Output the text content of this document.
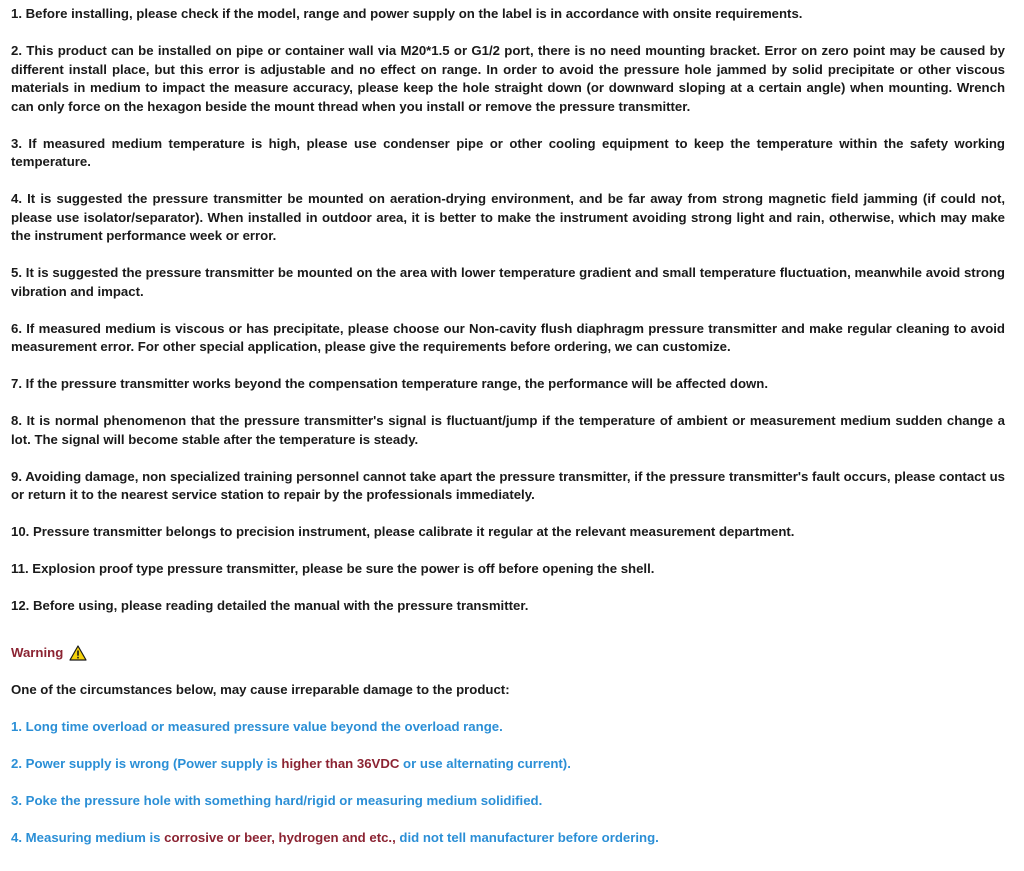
1. Before installing, please check if the model, range and power supply on the label is in accordance with onsite requirements.

2. This product can be installed on pipe or container wall via M20*1.5 or G1/2 port, there is no need mounting bracket. Error on zero point may be caused by different install place, but this error is adjustable and no effect on range. In order to avoid the pressure hole jammed by solid precipitate or other viscous materials in medium to impact the measure accuracy, please keep the hole straight down (or downward sloping at a certain angle) when mounting. Wrench can only force on the hexagon beside the mount thread when you install or remove the pressure transmitter.

3. If measured medium temperature is high, please use condenser pipe or other cooling equipment to keep the temperature within the safety working temperature.

4. It is suggested the pressure transmitter be mounted on aeration-drying environment, and be far away from strong magnetic field jamming (if could not, please use isolator/separator). When installed in outdoor area, it is better to make the instrument avoiding strong light and rain, otherwise, which may make the instrument performance week or error.

5. It is suggested the pressure transmitter be mounted on the area with lower temperature gradient and small temperature fluctuation, meanwhile avoid strong vibration and impact.

6. If measured medium is viscous or has precipitate, please choose our Non-cavity flush diaphragm pressure transmitter and make regular cleaning to avoid measurement error. For other special application, please give the requirements before ordering, we can customize.

7. If the pressure transmitter works beyond the compensation temperature range, the performance will be affected down.

8. It is normal phenomenon that the pressure transmitter's signal is fluctuant/jump if the temperature of ambient or measurement medium sudden change a lot. The signal will become stable after the temperature is steady.

9. Avoiding damage, non specialized training personnel cannot take apart the pressure transmitter, if the pressure transmitter's fault occurs, please contact us or return it to the nearest service station to repair by the professionals immediately.

10. Pressure transmitter belongs to precision instrument, please calibrate it regular at the relevant measurement department.

11. Explosion proof type pressure transmitter, please be sure the power is off before opening the shell.

12. Before using, please reading detailed the manual with the pressure transmitter.

Warning

One of the circumstances below, may cause irreparable damage to the product:

1. Long time overload or measured pressure value beyond the overload range.

2. Power supply is wrong (Power supply is higher than 36VDC or use alternating current).

3. Poke the pressure hole with something hard/rigid or measuring medium solidified.

4. Measuring medium is corrosive or beer, hydrogen and etc., did not tell manufacturer before ordering.
